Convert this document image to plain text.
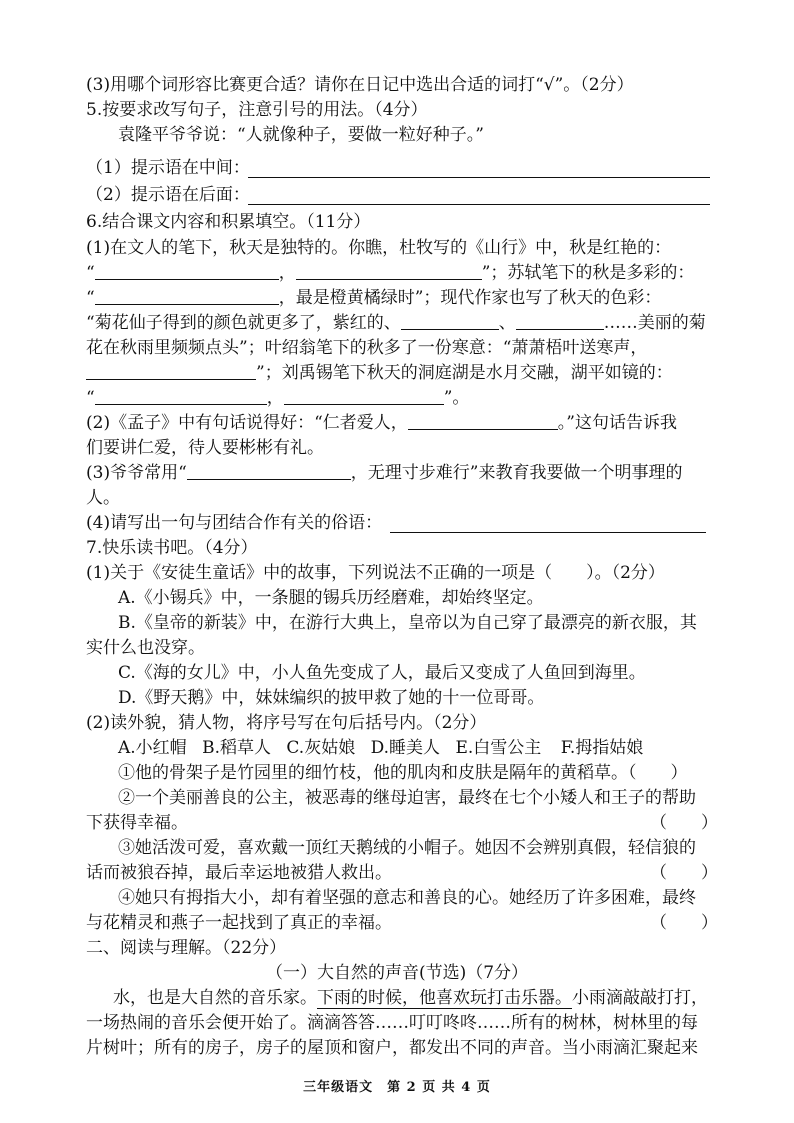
(3)用哪个词形容比赛更合适？请你在日记中选出合适的词打“√”。（2分）
5.按要求改写句子，注意引号的用法。（4分）
袁隆平爷爷说：“人就像种子，要做一粒好种子。”
（1）提示语在中间：
（2）提示语在后面：
6.结合课文内容和积累填空。（11分）
(1)在文人的笔下，秋天是独特的。你瞧，杜牧写的《山行》中，秋是红艳的：
“	，	”；苏轼笔下的秋是多彩的：
“	，最是橙黄橘绿时”；现代作家也写了秋天的色彩：
“菊花仙子得到的颜色就更多了，紫红的、	、	……美丽的菊
花在秋雨里频频点头”；叶绍翁笔下的秋多了一份寒意：“萧萧梧叶送寒声，
”；刘禹锡笔下秋天的洞庭湖是水月交融，湖平如镜的：
“	，	”。
(2)《孟子》中有句话说得好：“仁者爱人，	。”这句话告诉我
们要讲仁爱，待人要彬彬有礼。
(3)爷爷常用“	，无理寸步难行”来教育我要做一个明事理的
人。
(4)请写出一句与团结合作有关的俗语：
7.快乐读书吧。（4分）
(1)关于《安徒生童话》中的故事，下列说法不正确的一项是（　　）。（2分）
A.《小锡兵》中，一条腿的锡兵历经磨难，却始终坚定。
B.《皇帝的新装》中，在游行大典上，皇帝以为自己穿了最漂亮的新衣服，其
实什么也没穿。
C.《海的女儿》中，小人鱼先变成了人，最后又变成了人鱼回到海里。
D.《野天鹅》中，妹妹编织的披甲救了她的十一位哥哥。
(2)读外貌，猜人物，将序号写在句后括号内。（2分）
A.小红帽 B.稻草人 C.灰姑娘 D.睡美人 E.白雪公主 F.拇指姑娘
①他的骨架子是竹园里的细竹枝，他的肌肉和皮肤是隔年的黄稻草。（　　）
②一个美丽善良的公主，被恶毒的继母迫害，最终在七个小矮人和王子的帮助
下获得幸福。	（　　）
③她活泼可爱，喜欢戴一顶红天鹅绒的小帽子。她因不会辨别真假，轻信狼的
话而被狼吞掉，最后幸运地被猎人救出。	（　　）
④她只有拇指大小，却有着坚强的意志和善良的心。她经历了许多困难，最终
与花精灵和燕子一起找到了真正的幸福。	（　　）
二、阅读与理解。（22分）
（一）大自然的声音(节选)（7分）
水，也是大自然的音乐家。下雨的时候，他喜欢玩打击乐器。小雨滴敲敲打打，
一场热闹的音乐会便开始了。滴滴答答……叮叮咚咚……所有的树林，树林里的每
片树叶；所有的房子，房子的屋顶和窗户，都发出不同的声音。当小雨滴汇聚起来
三年级语文　第 2 页 共 4 页
